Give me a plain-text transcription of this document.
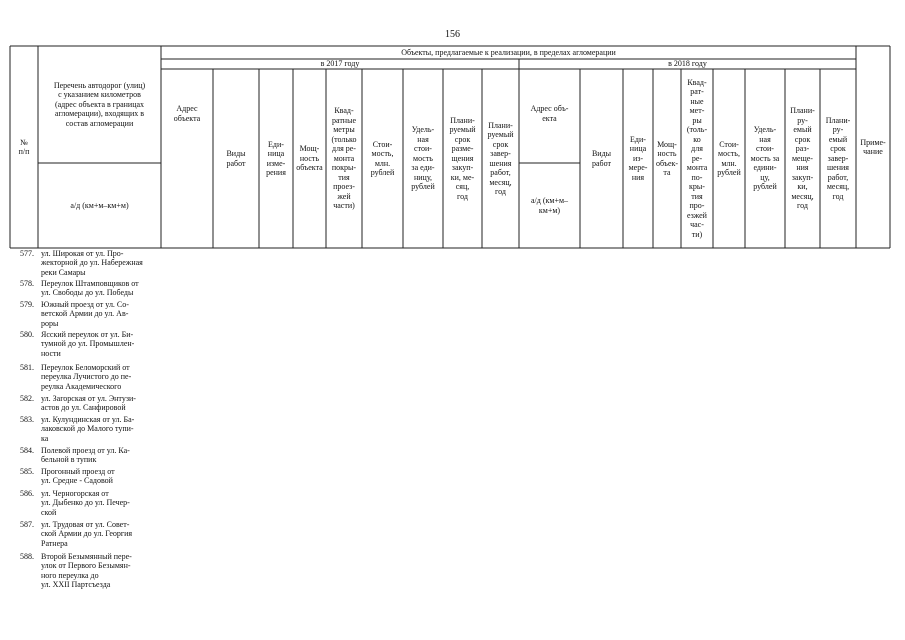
156
№
п/п
Перечень автодорог (улиц)
с указанием километров
(адрес объекта в границах
агломерации), входящих в
состав агломерации
а/д (км+м–км+м)
Объекты, предлагаемые к реализации, в пределах агломерации
в 2017 году	в 2018 году
Приме-
чание
Адрес
объекта
Виды
работ
Еди-
ница
изме-
рения
Мощ-
ность
объекта
Квад-
ратные
метры
(только
для ре-
монта
покры-
тия
проез-
жей
части)
Стои-
мость,
млн.
рублей
Удель-
ная
стои-
мость
за еди-
ницу,
рублей
Плани-
руемый
срок
разме-
щения
закуп-
ки, ме-
сяц,
год
Плани-
руемый
срок
завер-
шения
работ,
месяц,
год
Адрес объ-
екта
а/д (км+м–
км+м)
Виды
работ
Еди-
ница
из-
мере-
ния
Мощ-
ность
объек-
та
Квад-
рат-
ные
мет-
ры
(толь-
ко
для
ре-
монта
по-
кры-
тия
про-
езжей
час-
ти)
Стои-
мость,
млн.
рублей
Удель-
ная
стои-
мость за
едини-
цу,
рублей
Плани-
ру-
емый
срок
раз-
меще-
ния
закуп-
ки,
месяц,
год
Плани-
ру-
емый
срок
завер-
шения
работ,
месяц,
год
577. ул. Широкая от ул. Про-
жекторной до ул. Набережная
реки Самары
578. Переулок Штамповщиков от
ул. Свободы до ул. Победы
579. Южный проезд от ул. Со-
ветской Армии до ул. Ав-
роры
580. Ясский переулок от ул. Би-
тумной до ул. Промышлен-
ности
581. Переулок Беломорский от
переулка Лучистого до пе-
реулка Академического
582. ул. Загорская от ул. Энтузи-
астов до ул. Санфировой
583. ул. Кулундинская от ул. Ба-
лаковской до Малого тупи-
ка
584. Полевой проезд от ул. Ка-
бельной в тупик
585. Прогонный проезд от
ул. Средне - Садовой
586. ул. Черногорская от
ул. Дыбенко до ул. Печер-
ской
587. ул. Трудовая от ул. Совет-
ской Армии до ул. Георгия
Ратнера
588. Второй Безымянный пере-
улок от Первого Безымян-
ного переулка до
ул. XXII Партсъезда
